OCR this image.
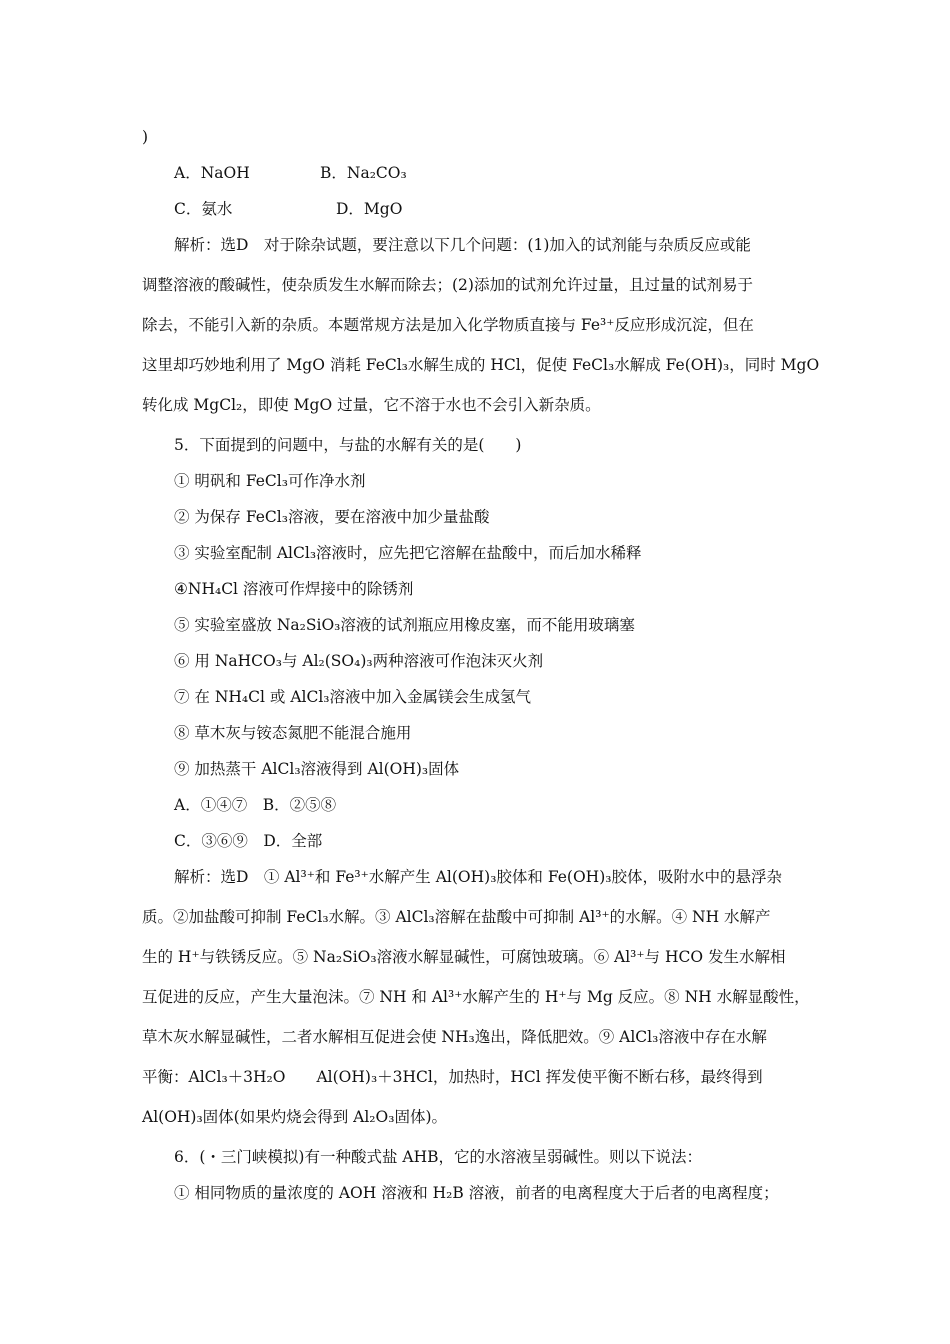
)
A．NaOH	B．Na₂CO₃
C．氨水	D．MgO
解析：选D　对于除杂试题，要注意以下几个问题：(1)加入的试剂能与杂质反应或能
调整溶液的酸碱性，使杂质发生水解而除去；(2)添加的试剂允许过量，且过量的试剂易于
除去，不能引入新的杂质。本题常规方法是加入化学物质直接与 Fe³⁺反应形成沉淀，但在
这里却巧妙地利用了 MgO 消耗 FeCl₃水解生成的 HCl，促使 FeCl₃水解成 Fe(OH)₃，同时 MgO
转化成 MgCl₂，即使 MgO 过量，它不溶于水也不会引入新杂质。
5．下面提到的问题中，与盐的水解有关的是(　　)
① 明矾和 FeCl₃可作净水剂
② 为保存 FeCl₃溶液，要在溶液中加少量盐酸
③ 实验室配制 AlCl₃溶液时，应先把它溶解在盐酸中，而后加水稀释
④NH₄Cl 溶液可作焊接中的除锈剂
⑤ 实验室盛放 Na₂SiO₃溶液的试剂瓶应用橡皮塞，而不能用玻璃塞
⑥ 用 NaHCO₃与 Al₂(SO₄)₃两种溶液可作泡沫灭火剂
⑦ 在 NH₄Cl 或 AlCl₃溶液中加入金属镁会生成氢气
⑧ 草木灰与铵态氮肥不能混合施用
⑨ 加热蒸干 AlCl₃溶液得到 Al(OH)₃固体
A．①④⑦　B．②⑤⑧
C．③⑥⑨　D．全部
解析：选D　① Al³⁺和 Fe³⁺水解产生 Al(OH)₃胶体和 Fe(OH)₃胶体，吸附水中的悬浮杂
质。②加盐酸可抑制 FeCl₃水解。③ AlCl₃溶解在盐酸中可抑制 Al³⁺的水解。④ NH 水解产
生的 H⁺与铁锈反应。⑤ Na₂SiO₃溶液水解显碱性，可腐蚀玻璃。⑥ Al³⁺与 HCO 发生水解相
互促进的反应，产生大量泡沫。⑦ NH 和 Al³⁺水解产生的 H⁺与 Mg 反应。⑧ NH 水解显酸性，
草木灰水解显碱性，二者水解相互促进会使 NH₃逸出，降低肥效。⑨ AlCl₃溶液中存在水解
平衡：AlCl₃＋3H₂O　　Al(OH)₃＋3HCl，加热时，HCl 挥发使平衡不断右移，最终得到
Al(OH)₃固体(如果灼烧会得到 Al₂O₃固体)。
6．(・三门峡模拟)有一种酸式盐 AHB，它的水溶液呈弱碱性。则以下说法：
① 相同物质的量浓度的 AOH 溶液和 H₂B 溶液，前者的电离程度大于后者的电离程度；
